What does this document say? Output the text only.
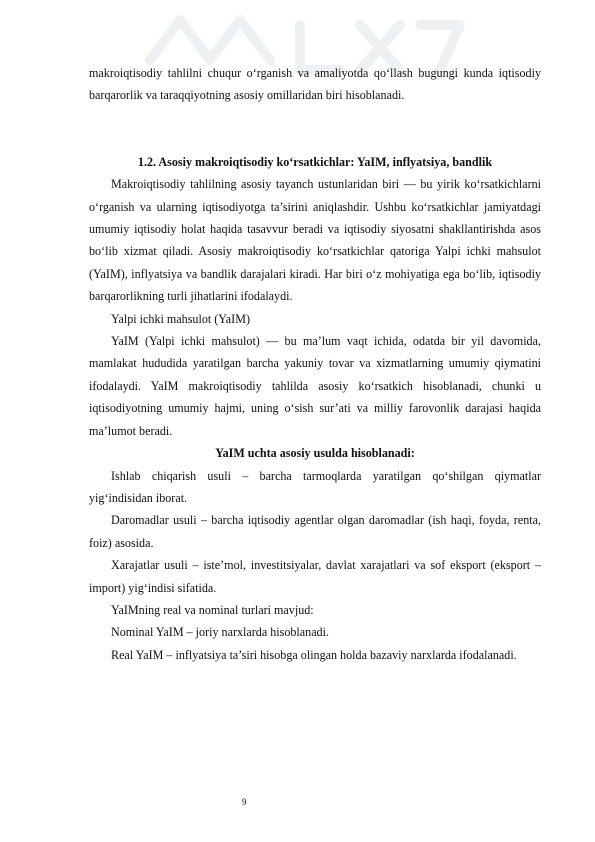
makroiqtisodiy tahlilni chuqur o‘rganish va amaliyotda qo‘llash bugungi kunda iqtisodiy barqarorlik va taraqqiyotning asosiy omillaridan biri hisoblanadi.

1.2. Asosiy makroiqtisodiy ko‘rsatkichlar: YaIM, inflyatsiya, bandlik

Makroiqtisodiy tahlilning asosiy tayanch ustunlaridan biri — bu yirik ko‘rsatkichlarni o‘rganish va ularning iqtisodiyotga ta’sirini aniqlashdir. Ushbu ko‘rsatkichlar jamiyatdagi umumiy iqtisodiy holat haqida tasavvur beradi va iqtisodiy siyosatni shakllantirishda asos bo‘lib xizmat qiladi. Asosiy makroiqtisodiy ko‘rsatkichlar qatoriga Yalpi ichki mahsulot (YaIM), inflyatsiya va bandlik darajalari kiradi. Har biri o‘z mohiyatiga ega bo‘lib, iqtisodiy barqarorlikning turli jihatlarini ifodalaydi.

Yalpi ichki mahsulot (YaIM)

YaIM (Yalpi ichki mahsulot) — bu ma’lum vaqt ichida, odatda bir yil davomida, mamlakat hududida yaratilgan barcha yakuniy tovar va xizmatlarning umumiy qiymatini ifodalaydi. YaIM makroiqtisodiy tahlilda asosiy ko‘rsatkich hisoblanadi, chunki u iqtisodiyotning umumiy hajmi, uning o‘sish sur’ati va milliy farovonlik darajasi haqida ma’lumot beradi.

YaIM uchta asosiy usulda hisoblanadi:

Ishlab chiqarish usuli – barcha tarmoqlarda yaratilgan qo‘shilgan qiymatlar yig‘indisidan iborat.

Daromadlar usuli – barcha iqtisodiy agentlar olgan daromadlar (ish haqi, foyda, renta, foiz) asosida.

Xarajatlar usuli – iste’mol, investitsiyalar, davlat xarajatlari va sof eksport (eksport – import) yig‘indisi sifatida.

YaIMning real va nominal turlari mavjud:

Nominal YaIM – joriy narxlarda hisoblanadi.

Real YaIM – inflyatsiya ta’siri hisobga olingan holda bazaviy narxlarda ifodalanadi.

9
